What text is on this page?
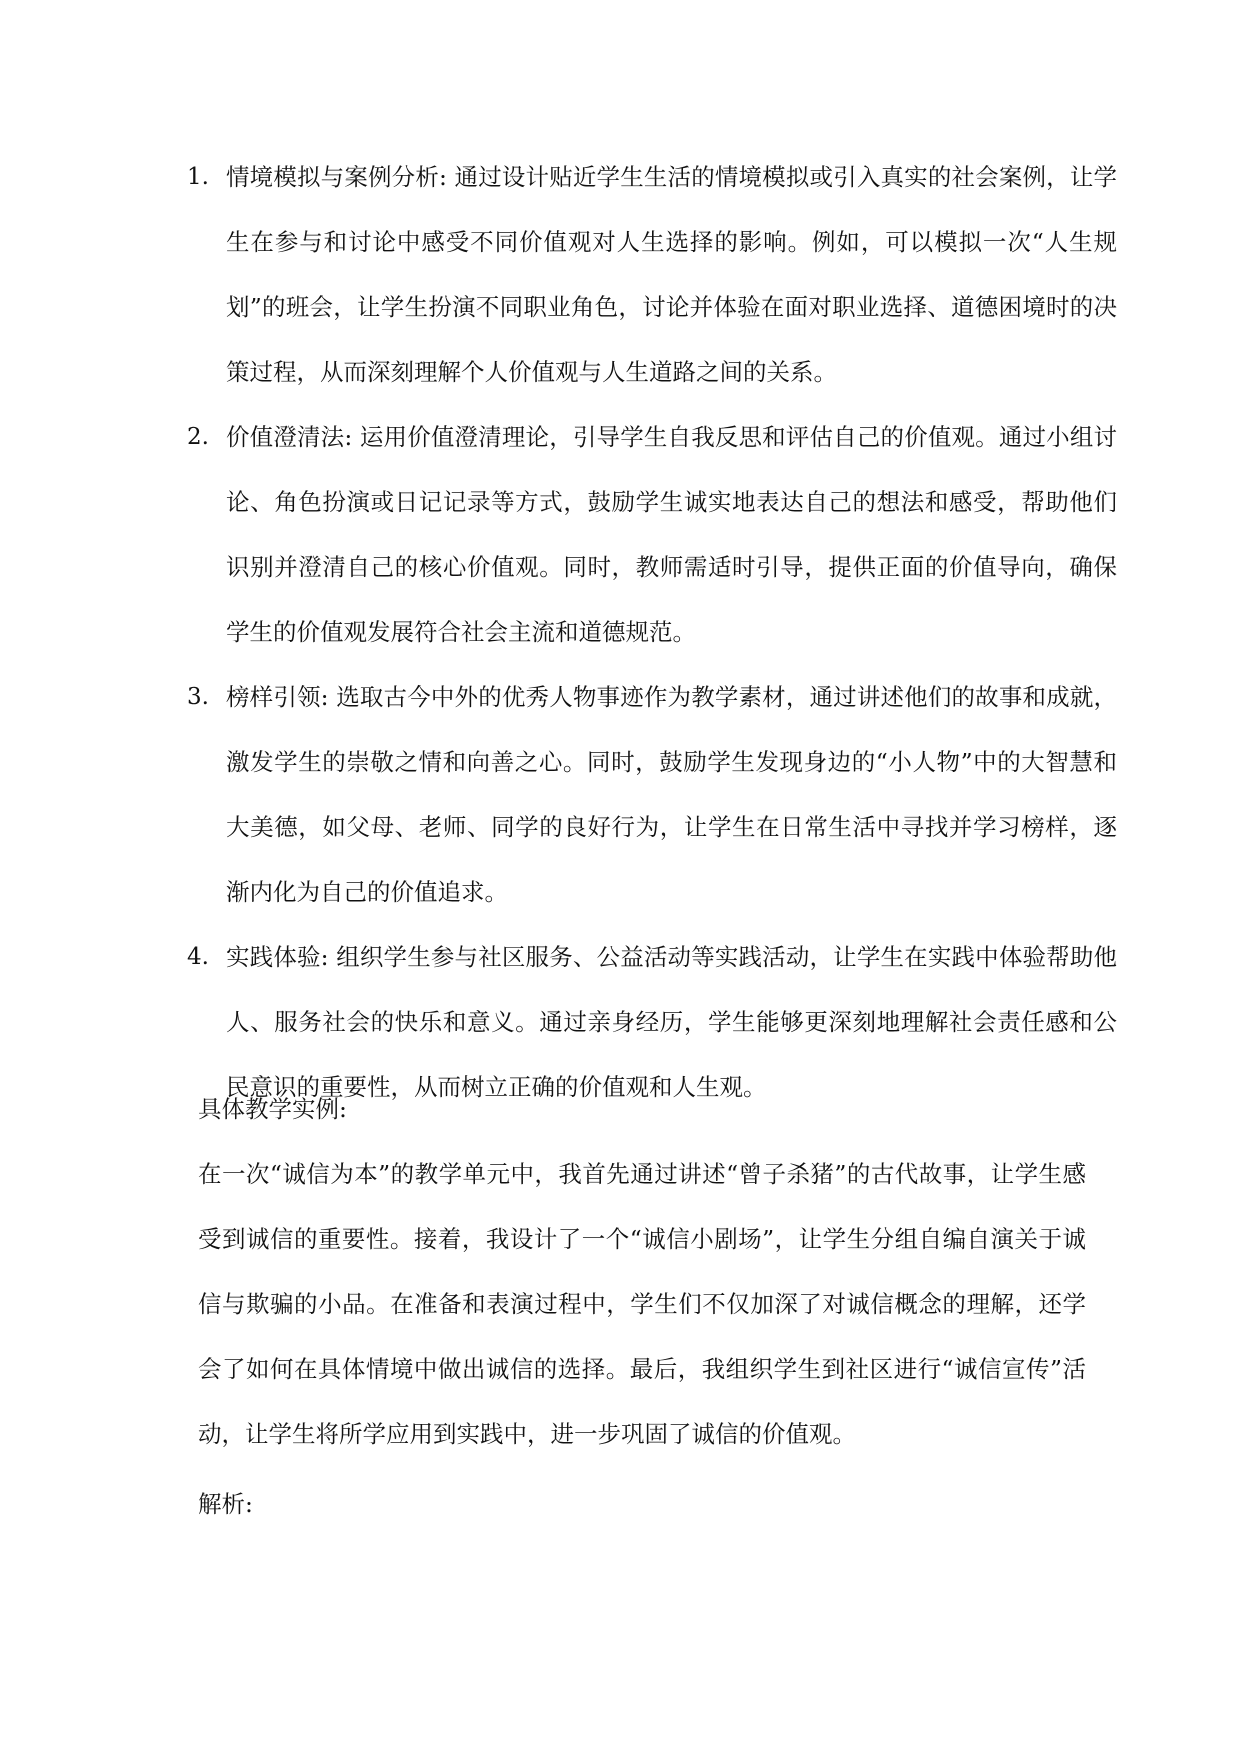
1. 情境模拟与案例分析: 通过设计贴近学生生活的情境模拟或引入真实的社会案例，让学生在参与和讨论中感受不同价值观对人生选择的影响。例如，可以模拟一次“人生规划”的班会，让学生扮演不同职业角色，讨论并体验在面对职业选择、道德困境时的决策过程，从而深刻理解个人价值观与人生道路之间的关系。

2. 价值澄清法: 运用价值澄清理论，引导学生自我反思和评估自己的价值观。通过小组讨论、角色扮演或日记记录等方式，鼓励学生诚实地表达自己的想法和感受，帮助他们识别并澄清自己的核心价值观。同时，教师需适时引导，提供正面的价值导向，确保学生的价值观发展符合社会主流和道德规范。

3. 榜样引领: 选取古今中外的优秀人物事迹作为教学素材，通过讲述他们的故事和成就，激发学生的崇敬之情和向善之心。同时，鼓励学生发现身边的“小人物”中的大智慧和大美德，如父母、老师、同学的良好行为，让学生在日常生活中寻找并学习榜样，逐渐内化为自己的价值追求。

4. 实践体验: 组织学生参与社区服务、公益活动等实践活动，让学生在实践中体验帮助他人、服务社会的快乐和意义。通过亲身经历，学生能够更深刻地理解社会责任感和公民意识的重要性，从而树立正确的价值观和人生观。

具体教学实例:

在一次“诚信为本”的教学单元中，我首先通过讲述“曾子杀猪”的古代故事，让学生感受到诚信的重要性。接着，我设计了一个“诚信小剧场”，让学生分组自编自演关于诚信与欺骗的小品。在准备和表演过程中，学生们不仅加深了对诚信概念的理解，还学会了如何在具体情境中做出诚信的选择。最后，我组织学生到社区进行“诚信宣传”活动，让学生将所学应用到实践中，进一步巩固了诚信的价值观。

解析:
